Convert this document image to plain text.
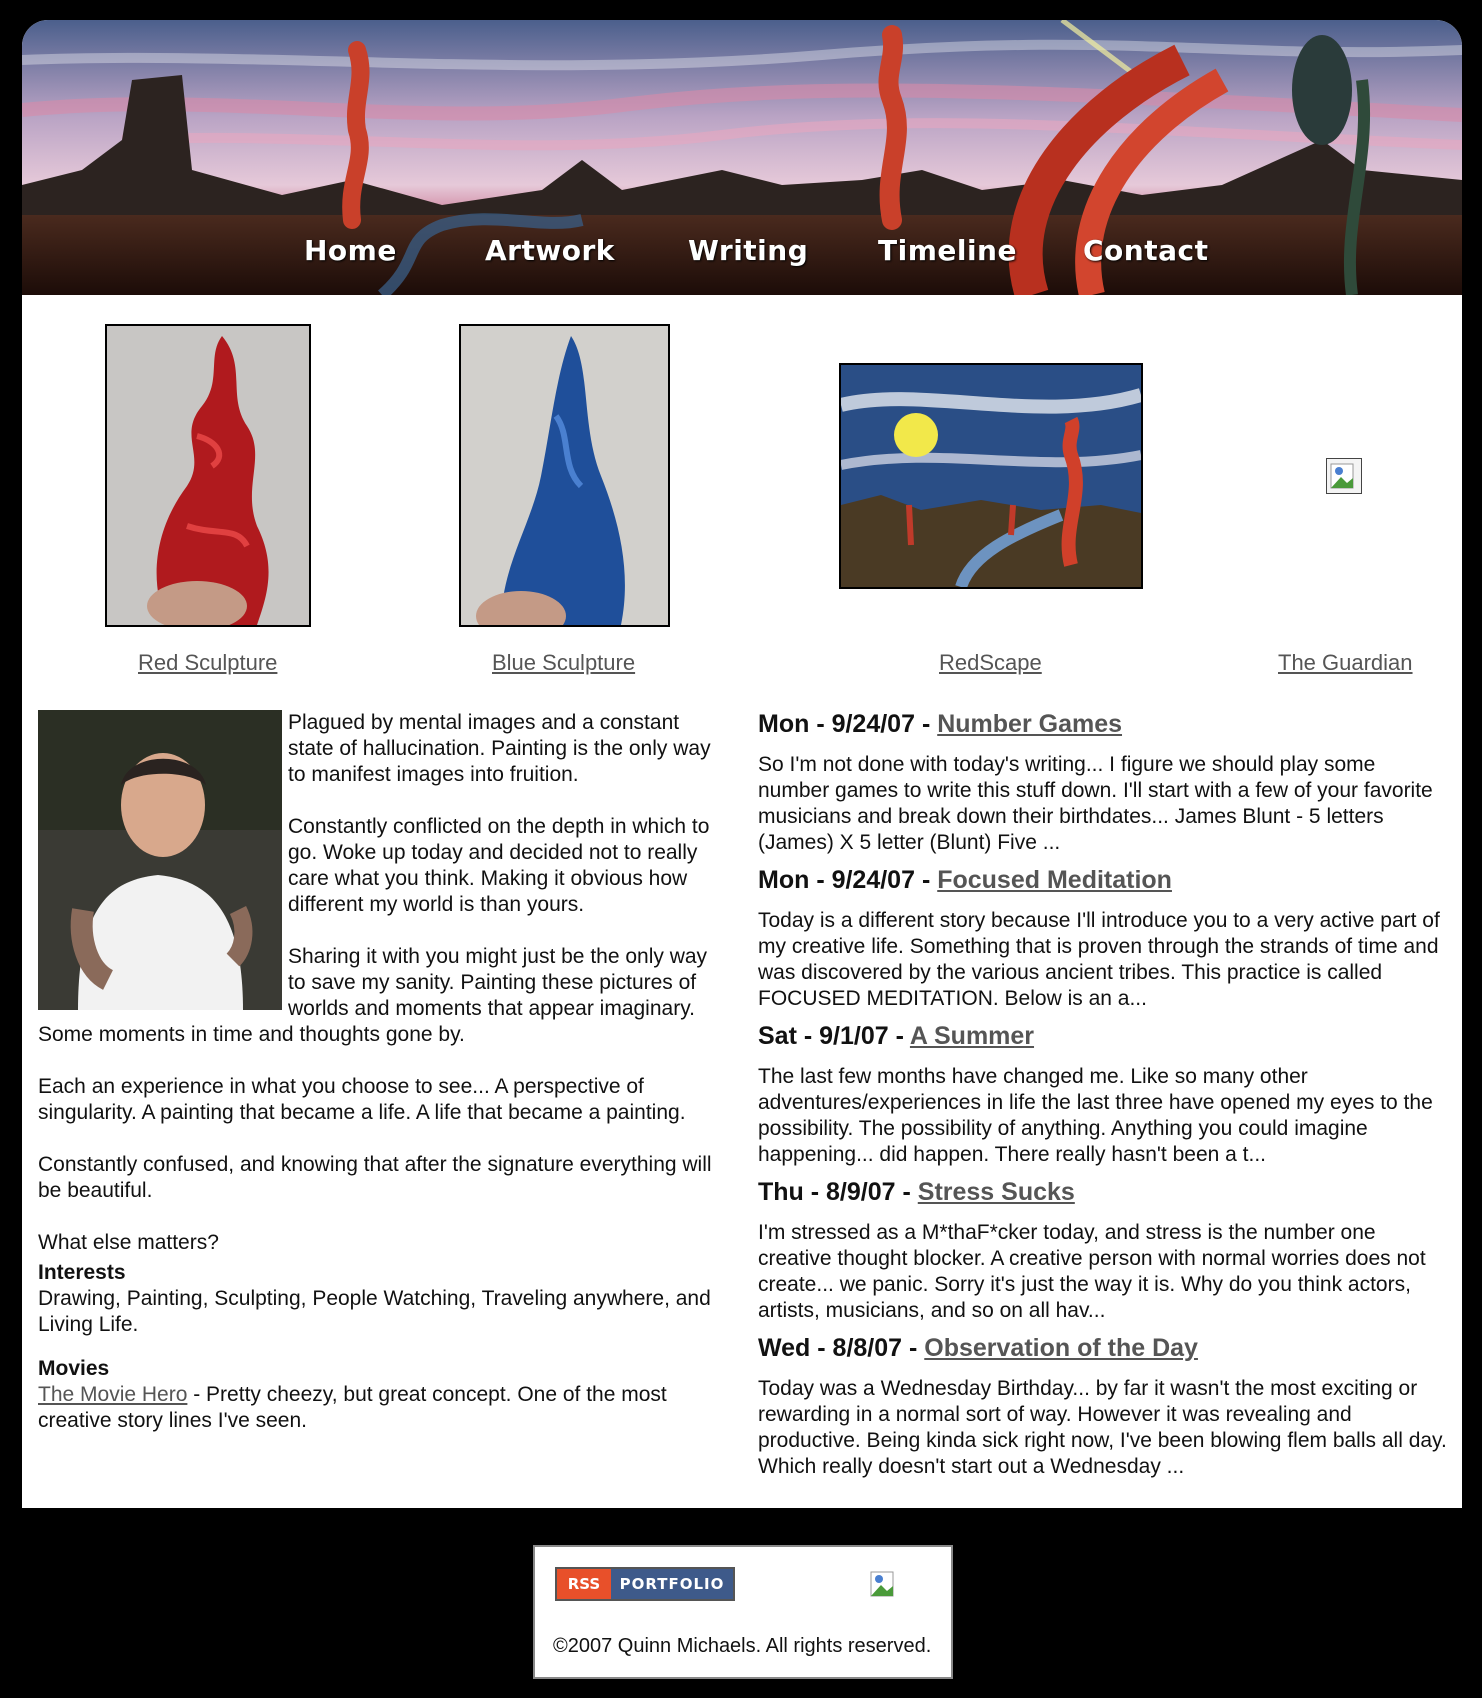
Home	Artwork	Writing Timeline Contact
Red Sculpture	Blue Sculpture	RedScape	The Guardian

Plagued by mental images and a constant state of hallucination. Painting is the only way to manifest images into fruition.

Constantly conflicted on the depth in which to go. Woke up today and decided not to really care what you think. Making it obvious how different my world is than yours.

Sharing it with you might just be the only way to save my sanity. Painting these pictures of worlds and moments that appear imaginary. Some moments in time and thoughts gone by.

Each an experience in what you choose to see... A perspective of singularity. A painting that became a life. A life that became a painting.

Constantly confused, and knowing that after the signature everything will be beautiful.

What else matters?

Interests

Drawing, Painting, Sculpting, People Watching, Traveling anywhere, and Living Life.

Movies

The Movie Hero - Pretty cheezy, but great concept. One of the most creative story lines I've seen.

Mon - 9/24/07 - Number Games

So I'm not done with today's writing... I figure we should play some number games to write this stuff down. I'll start with a few of your favorite musicians and break down their birthdates... James Blunt - 5 letters (James) X 5 letter (Blunt) Five ...

Mon - 9/24/07 - Focused Meditation

Today is a different story because I'll introduce you to a very active part of my creative life. Something that is proven through the strands of time and was discovered by the various ancient tribes. This practice is called FOCUSED MEDITATION. Below is an a...

Sat - 9/1/07 - A Summer

The last few months have changed me. Like so many other adventures/experiences in life the last three have opened my eyes to the possibility. The possibility of anything. Anything you could imagine happening... did happen. There really hasn't been a t...

Thu - 8/9/07 - Stress Sucks

I'm stressed as a M*thaF*cker today, and stress is the number one creative thought blocker. A creative person with normal worries does not create... we panic. Sorry it's just the way it is. Why do you think actors, artists, musicians, and so on all hav...

Wed - 8/8/07 - Observation of the Day

Today was a Wednesday Birthday... by far it wasn't the most exciting or rewarding in a normal sort of way. However it was revealing and productive. Being kinda sick right now, I've been blowing flem balls all day. Which really doesn't start out a Wednesday ...

RSS	PORTFOLIO
©2007 Quinn Michaels. All rights reserved.
